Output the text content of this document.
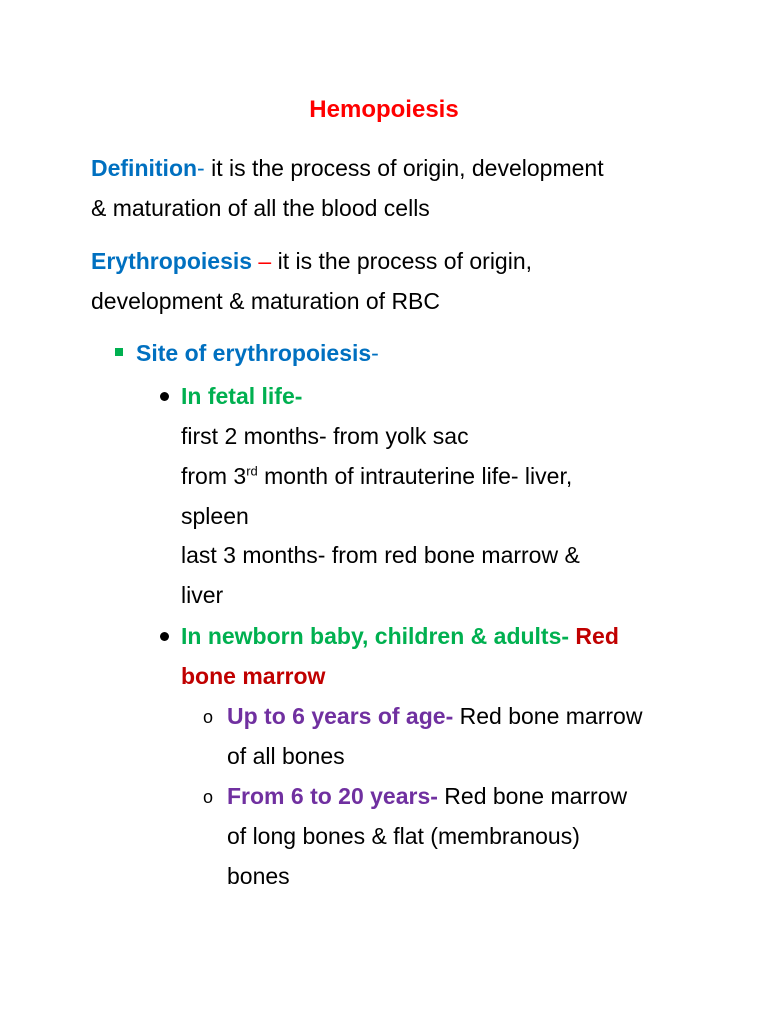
Hemopoiesis
Definition- it is the process of origin, development
& maturation of all the blood cells
Erythropoiesis – it is the process of origin,
development & maturation of RBC
Site of erythropoiesis-
In fetal life-
first 2 months- from yolk sac
from 3rd month of intrauterine life- liver,
spleen
last 3 months- from red bone marrow &
liver
In newborn baby, children & adults- Red
bone marrow
o Up to 6 years of age- Red bone marrow
of all bones
o From 6 to 20 years- Red bone marrow
of long bones & flat (membranous)
bones
